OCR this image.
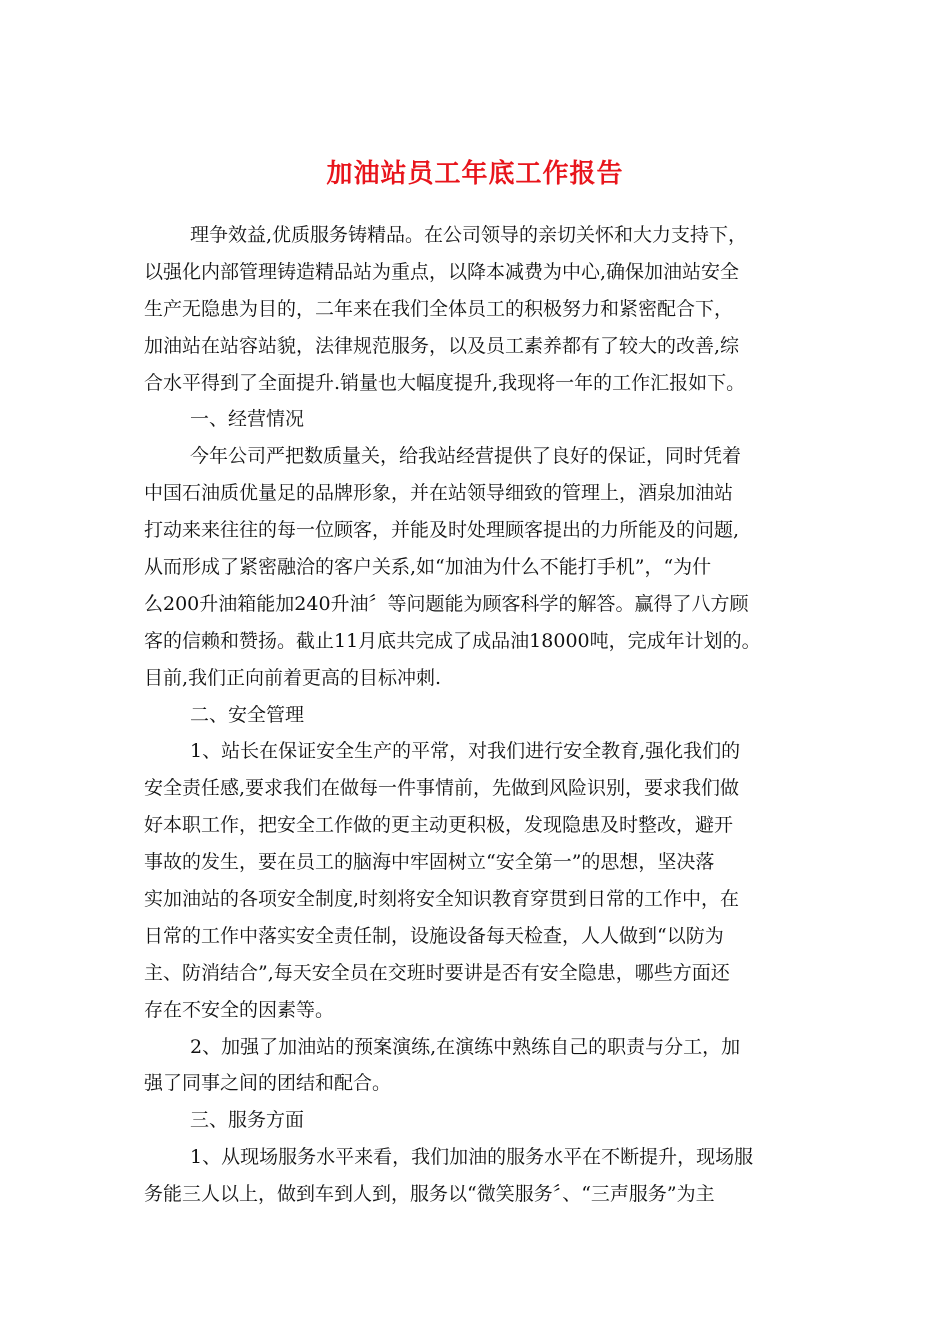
加油站员工年底工作报告
理争效益,优质服务铸精品。在公司领导的亲切关怀和大力支持下，
以强化内部管理铸造精品站为重点，以降本减费为中心,确保加油站安全
生产无隐患为目的，二年来在我们全体员工的积极努力和紧密配合下，
加油站在站容站貌，法律规范服务，以及员工素养都有了较大的改善,综
合水平得到了全面提升.销量也大幅度提升,我现将一年的工作汇报如下。
一、经营情况
今年公司严把数质量关，给我站经营提供了良好的保证，同时凭着
中国石油质优量足的品牌形象，并在站领导细致的管理上，酒泉加油站
打动来来往往的每一位顾客，并能及时处理顾客提出的力所能及的问题,
从而形成了紧密融洽的客户关系,如“加油为什么不能打手机”，“为什
么200升油箱能加240升油〞等问题能为顾客科学的解答。赢得了八方顾
客的信赖和赞扬。截止11月底共完成了成品油18000吨，完成年计划的。
目前,我们正向前着更高的目标冲刺.
二、安全管理
1、站长在保证安全生产的平常，对我们进行安全教育,强化我们的
安全责任感,要求我们在做每一件事情前，先做到风险识别，要求我们做
好本职工作，把安全工作做的更主动更积极，发现隐患及时整改，避开
事故的发生，要在员工的脑海中牢固树立“安全第一”的思想，坚决落
实加油站的各项安全制度,时刻将安全知识教育穿贯到日常的工作中，在
日常的工作中落实安全责任制，设施设备每天检查，人人做到“以防为
主、防消结合”,每天安全员在交班时要讲是否有安全隐患，哪些方面还
存在不安全的因素等。
2、加强了加油站的预案演练,在演练中熟练自己的职责与分工，加
强了同事之间的团结和配合。
三、服务方面
1、从现场服务水平来看，我们加油的服务水平在不断提升，现场服
务能三人以上，做到车到人到，服务以“微笑服务〞、“三声服务”为主
